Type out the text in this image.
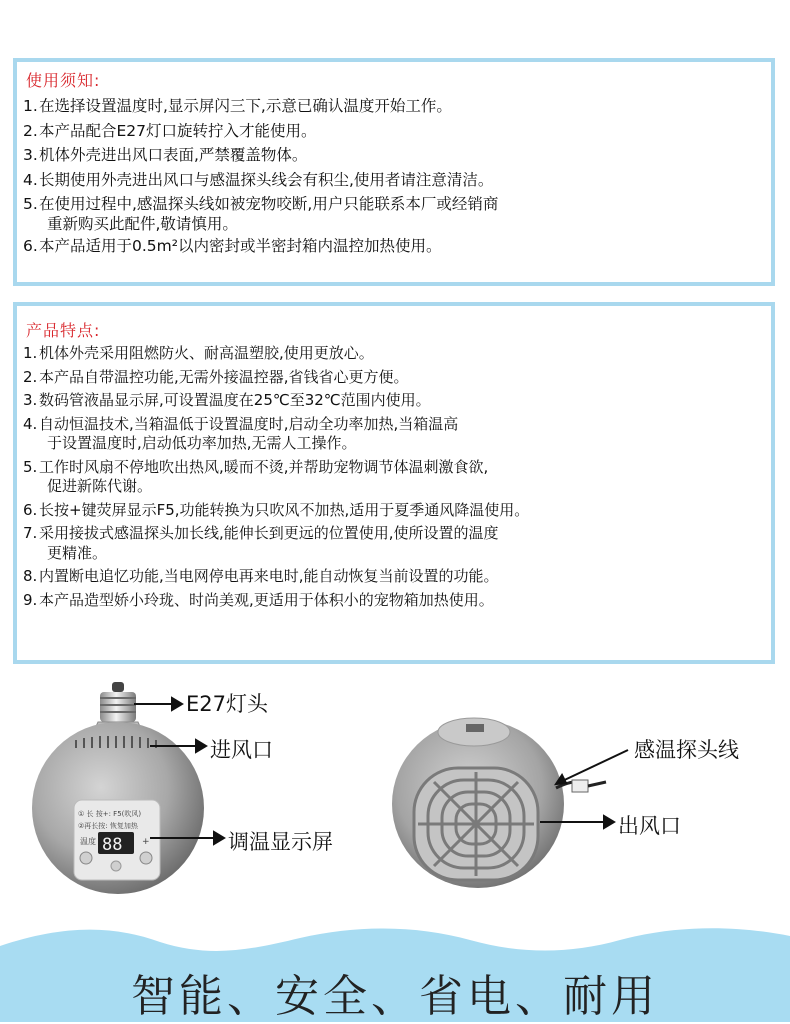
使用须知:
1.在选择设置温度时,显示屏闪三下,示意已确认温度开始工作。
2.本产品配合E27灯口旋转拧入才能使用。
3.机体外壳进出风口表面,严禁覆盖物体。
4.长期使用外壳进出风口与感温探头线会有积尘,使用者请注意清洁。
5.在使用过程中,感温探头线如被宠物咬断,用户只能联系本厂或经销商
重新购买此配件,敬请慎用。
6.本产品适用于0.5m²以内密封或半密封箱内温控加热使用。
产品特点:
1. 机体外壳采用阻燃防火、耐高温塑胶,使用更放心。
2. 本产品自带温控功能,无需外接温控器,省钱省心更方便。
3. 数码管液晶显示屏,可设置温度在25℃至32℃范围内使用。
4. 自动恒温技术,当箱温低于设置温度时,启动全功率加热,当箱温高
于设置温度时,启动低功率加热,无需人工操作。
5. 工作时风扇不停地吹出热风,暖而不烫,并帮助宠物调节体温刺激食欲,
促进新陈代谢。
6. 长按+键荧屏显示F5,功能转换为只吹风不加热,适用于夏季通风降温使用。
7. 采用接拔式感温探头加长线,能伸长到更远的位置使用,使所设置的温度
更精准。
8. 内置断电追忆功能,当电网停电再来电时,能自动恢复当前设置的功能。
9. 本产品造型娇小玲珑、时尚美观,更适用于体积小的宠物箱加热使用。
① 长 按+: F5(吹风)
②再长按: 恢复加热
88
温度	+
E27灯头
进风口
调温显示屏
感温探头线
出风口
智能、安全、省电、耐用
